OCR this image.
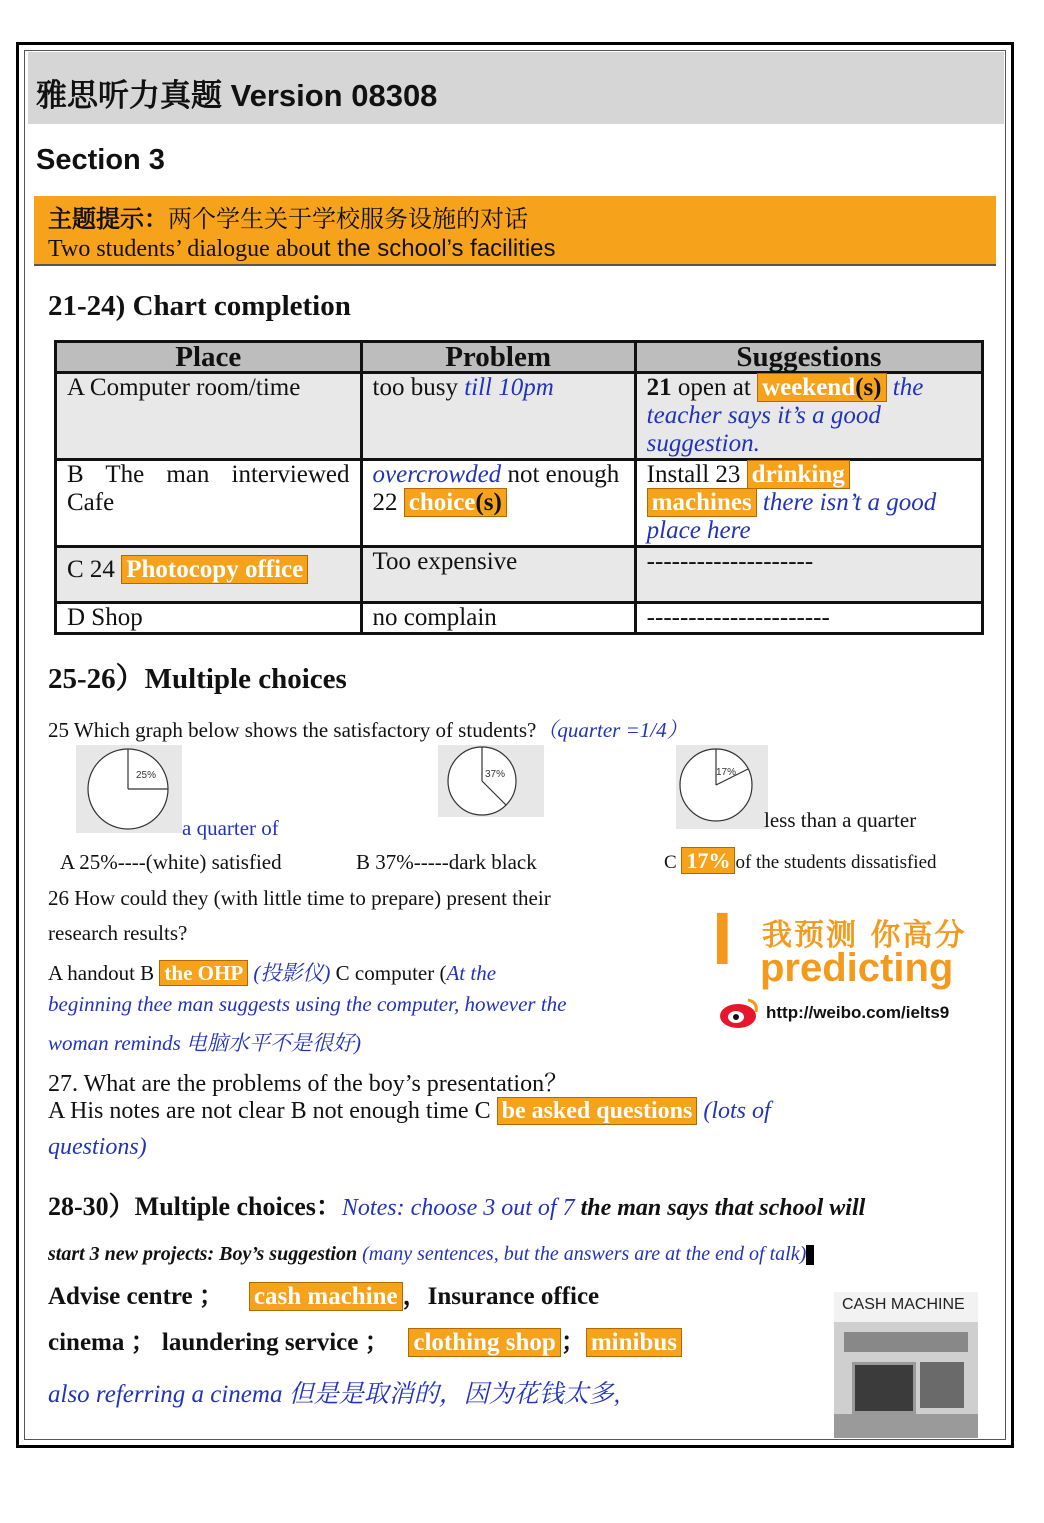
雅思听力真题 Version 08308
Section 3
主题提示：两个学生关于学校服务设施的对话
Two students’ dialogue about the school’s facilities
21-24) Chart completion
Place	Problem	Suggestions
A Computer room/time	too busy till 10pm	21 open at weekend(s) the teacher says it’s a good suggestion.
B The man interviewed Cafe	overcrowded not enough 22 choice(s)	Install 23 drinking
machines there isn’t a good place here
C 24 Photocopy office	Too expensive	--------------------
D Shop	no complain	----------------------
25-26）Multiple choices
25 Which graph below shows the satisfactory of students?（quarter =1/4）
25%
a quarter of
37%	17%
less than a quarter
A 25%----(white) satisfied	B 37%-----dark black	C 17% of the students dissatisfied
26 How could they (with little time to prepare) present their
research results?
A handout B the OHP (投影仪) C computer (At the
beginning thee man suggests using the computer, however the
woman reminds 电脑水平不是很好)
27. What are the problems of the boy’s presentation？
A His notes are not clear B not enough time C be asked questions (lots of
questions)
I 我预测 你高分
predicting
http://weibo.com/ielts9
28-30）Multiple choices：Notes: choose 3 out of 7 the man says that school will
start 3 new projects: Boy’s suggestion (many sentences, but the answers are at the end of talk)
Advise centre ； cash machine ，Insurance office
cinema ； laundering service ； clothing shop ； minibus
also referring a cinema 但是是取消的，因为花钱太多,
CASH MACHINE
